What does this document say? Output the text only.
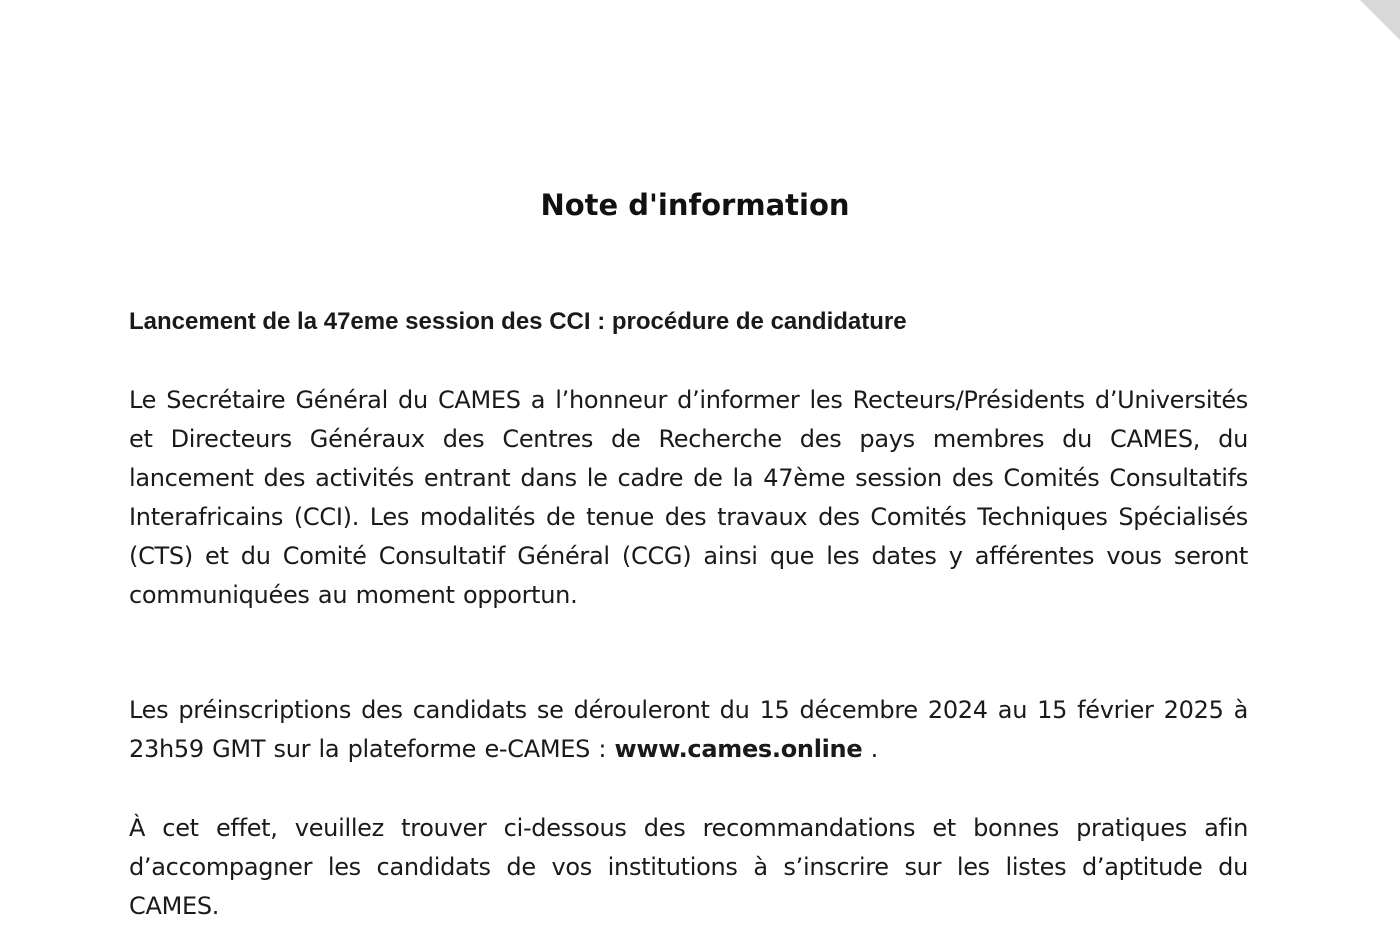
Note d'information

Lancement de la 47eme session des CCI : procédure de candidature

Le Secrétaire Général du CAMES a l’honneur d’informer les Recteurs/Présidents d’Universités et Directeurs Généraux des Centres de Recherche des pays membres du CAMES, du lancement des activités entrant dans le cadre de la 47ème session des Comités Consultatifs Interafricains (CCI). Les modalités de tenue des travaux des Comités Techniques Spécialisés (CTS) et du Comité Consultatif Général (CCG) ainsi que les dates y afférentes vous seront communiquées au moment opportun.

Les préinscriptions des candidats se dérouleront du 15 décembre 2024 au 15 février 2025 à 23h59 GMT sur la plateforme e-CAMES : www.cames.online .

À cet effet, veuillez trouver ci-dessous des recommandations et bonnes pratiques afin d’accompagner les candidats de vos institutions à s’inscrire sur les listes d’aptitude du CAMES.
